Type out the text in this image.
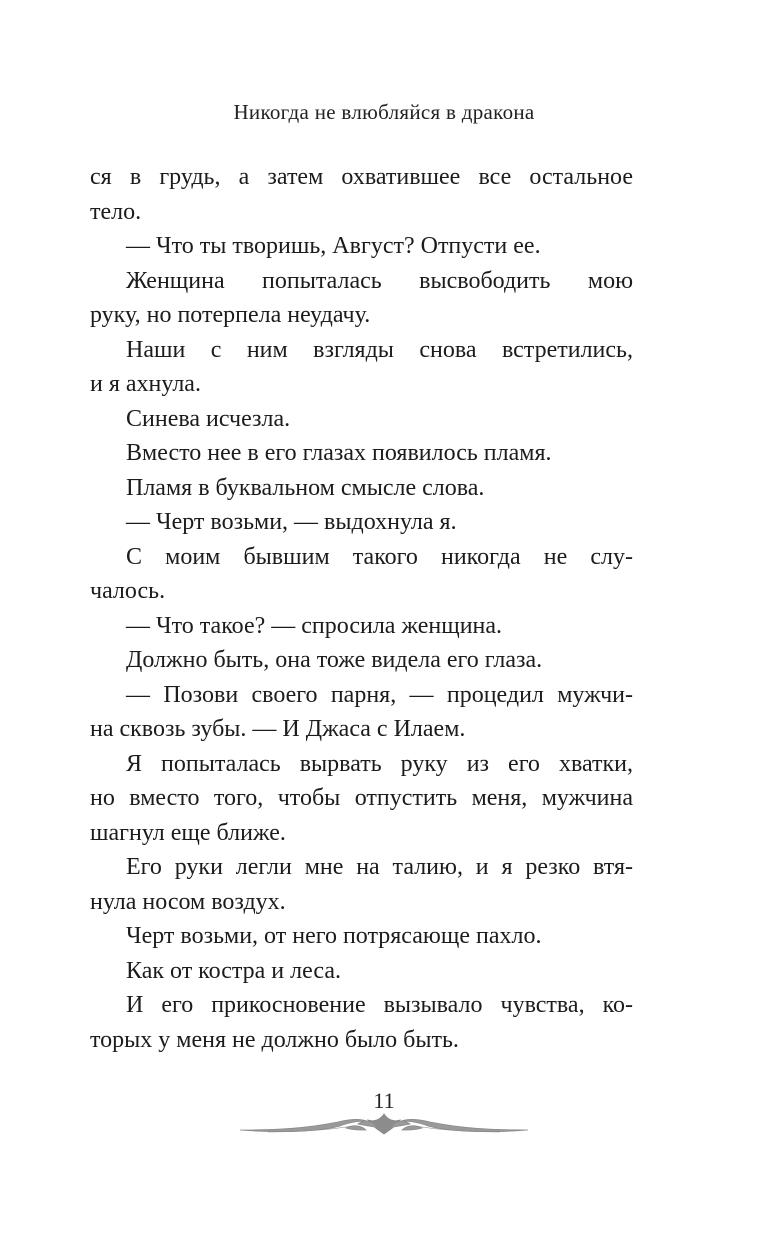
Никогда не влюбляйся в дракона
ся в грудь, а затем охватившее все остальное
тело.
— Что ты творишь, Август? Отпусти ее.
Женщина попыталась высвободить мою
руку, но потерпела неудачу.
Наши с ним взгляды снова встретились,
и я ахнула.
Синева исчезла.
Вместо нее в его глазах появилось пламя.
Пламя в буквальном смысле слова.
— Черт возьми, — выдохнула я.
С моим бывшим такого никогда не слу-
чалось.
— Что такое? — спросила женщина.
Должно быть, она тоже видела его глаза.
— Позови своего парня, — процедил мужчи-
на сквозь зубы. — И Джаса с Илаем.
Я попыталась вырвать руку из его хватки,
но вместо того, чтобы отпустить меня, мужчина
шагнул еще ближе.
Его руки легли мне на талию, и я резко втя-
нула носом воздух.
Черт возьми, от него потрясающе пахло.
Как от костра и леса.
И его прикосновение вызывало чувства, ко-
торых у меня не должно было быть.
11
